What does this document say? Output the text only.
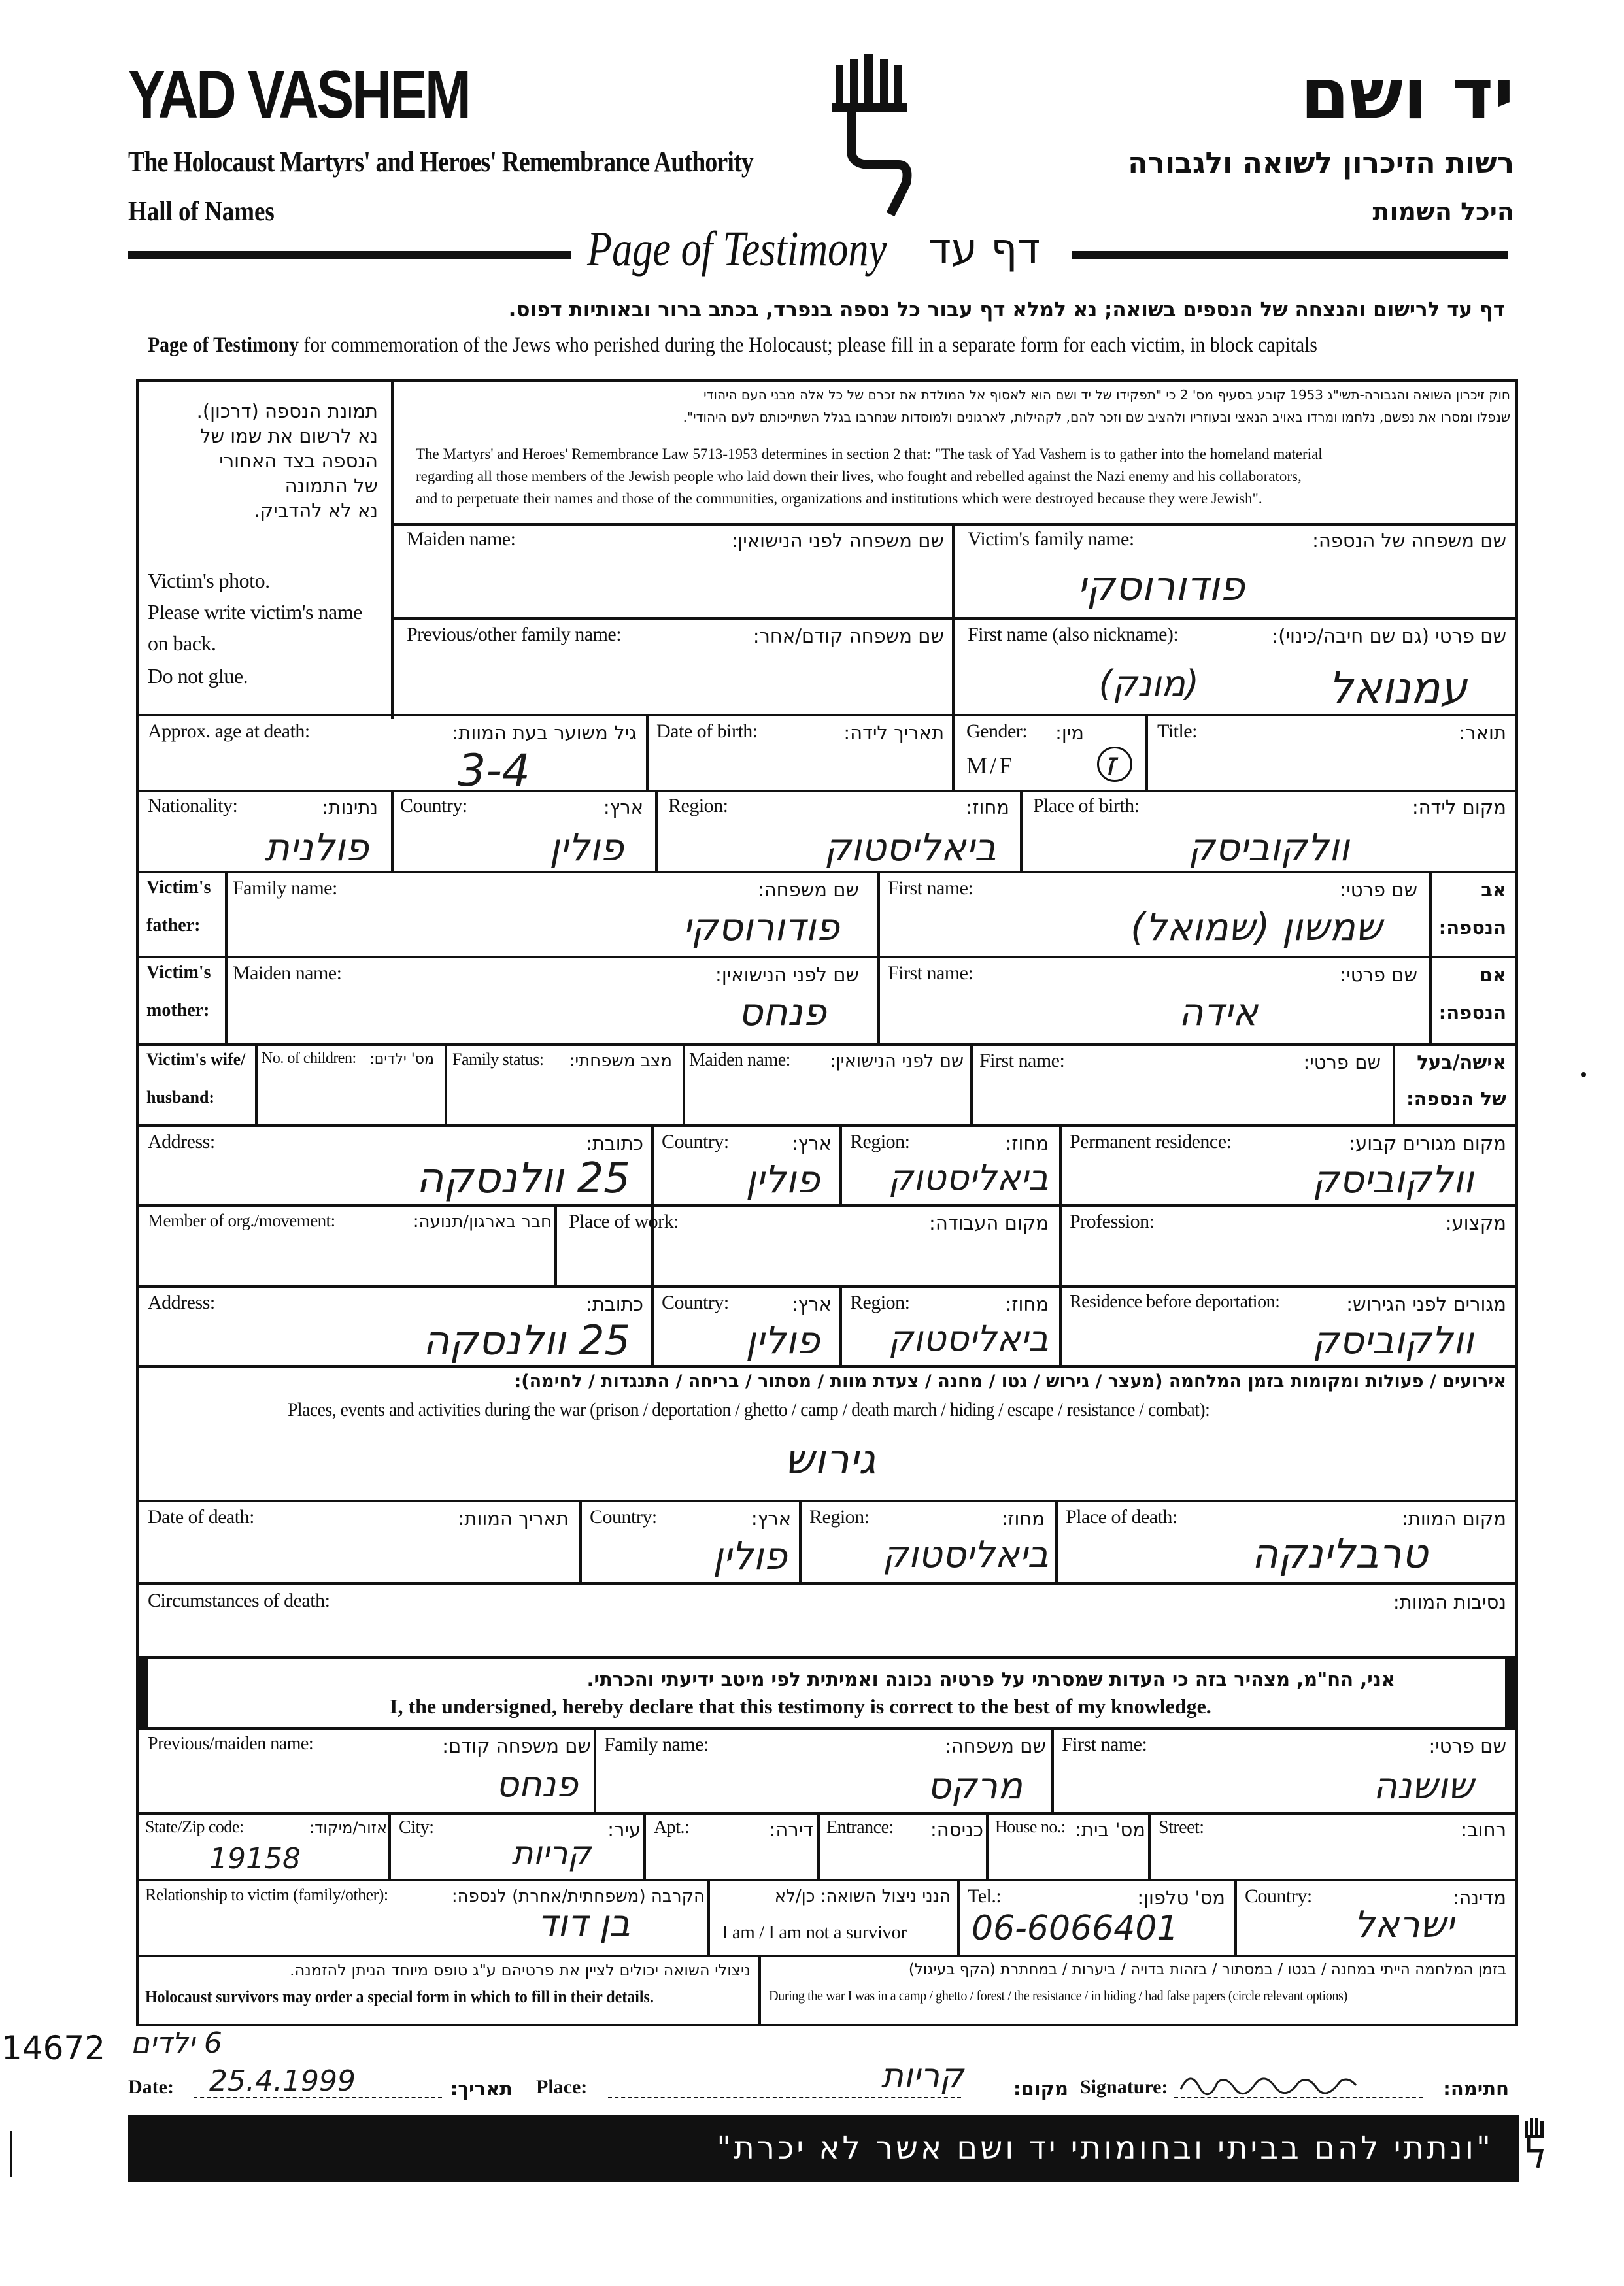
YAD VASHEM
The Holocaust Martyrs' and Heroes' Remembrance Authority
Hall of Names
יד ושם
רשות הזיכרון לשואה ולגבורה
היכל השמות
Page of Testimony דף עד
דף עד לרישום והנצחה של הנספים בשואה; נא למלא דף עבור כל נספה בנפרד, בכתב ברור ובאותיות דפוס.
Page of Testimony for commemoration of the Jews who perished during the Holocaust; please fill in a separate form for each victim, in block capitals
תמונת הנספה (דרכון).
נא לרשום את שמו של
הנספה בצד האחורי
של התמונה
נא לא להדביק.
Victim's photo.
Please write victim's name
on back.
Do not glue.
חוק זיכרון השואה והגבורה-תשי"ג 1953 קובע בסעיף מס' 2 כי "תפקידו של יד ושם הוא לאסוף אל המולדת את זכרם של כל אלה מבני העם היהודי
שנפלו ומסרו את נפשם, נלחמו ומרדו באויב הנאצי ובעוזריו ולהציב שם וזכר להם, לקהילות, לארגונים ולמוסדות שנחרבו בגלל השתייכותם לעם היהודי".
The Martyrs' and Heroes' Remembrance Law 5713-1953 determines in section 2 that: "The task of Yad Vashem is to gather into the homeland material
regarding all those members of the Jewish people who laid down their lives, who fought and rebelled against the Nazi enemy and his collaborators,
and to perpetuate their names and those of the communities, organizations and institutions which were destroyed because they were Jewish".
Maiden name:	שם משפחה לפני הנישואין: Victim's family name:	שם משפחה של הנספה:
פודורוסקי
Previous/other family name:	שם משפחה קודם/אחר: First name (also nickname):	שם פרטי (גם שם חיבה/כינוי):
עמנואל
(מונק)
Approx. age at death:	גיל משוער בעת המוות:
3-4
Date of birth:	תאריך לידה: Gender: מין:
M/F	ז
Title:	תואר:
Nationality:	נתינות:
פולנית
Country:	ארץ:
פולין
Region:	מחוז:
ביאליסטוק
Place of birth:	מקום לידה:
וולקוביסק
Victim's
father:
Family name:	שם משפחה:
פודורוסקי
First name:	שם פרטי:
שמשון (שמואל)
אב
הנספה:
Victim's
mother:
Maiden name:	שם לפני הנישואין:
פנחס
First name:	שם פרטי:
אידה
אם
הנספה:
Victim's wife/
husband:
No. of children: מס' ילדים: Family status: מצב משפחתי: Maiden name: שם לפני הנישואין: First name:	שם פרטי: אישה/בעל
של הנספה:
Address:	כתובת:
25 וולנסקה
Country:	ארץ:
פולין
Region:	מחוז:
ביאליסטוק
Permanent residence:	מקום מגורים קבוע:
וולקוביסק
Member of org./movement:	חבר בארגון/תנועה: Place of work:	מקום העבודה: Profession:	מקצוע:
Address:	כתובת:
25 וולנסקה
Country:	ארץ:
פולין
Region:	מחוז:
ביאליסטוק
Residence before deportation:	מגורים לפני הגירוש:
וולקוביסק
אירועים / פעולות ומקומות בזמן המלחמה (מעצר / גירוש / גטו / מחנה / צעדת מוות / מסתור / בריחה / התנגדות / לחימה):
Places, events and activities during the war (prison / deportation / ghetto / camp / death march / hiding / escape / resistance / combat):
גירוש
Date of death:	תאריך המוות: Country:	ארץ:
פולין
Region:	מחוז:
ביאליסטוק
Place of death:	מקום המוות:
טרבלינקה
Circumstances of death:	נסיבות המוות:
אני, הח"מ, מצהיר בזה כי העדות שמסרתי על פרטיה נכונה ואמיתית לפי מיטב ידיעתי והכרתי.
I, the undersigned, hereby declare that this testimony is correct to the best of my knowledge.
Previous/maiden name:	שם משפחה קודם:
פנחס
Family name:	שם משפחה:
מרקס
First name:	שם פרטי:
שושנה
State/Zip code:	אזור/מיקוד:
19158
City:	עיר:
קריות
Apt.:	דירה: Entrance: כניסה: House no.: מס' בית: Street:	רחוב:
Relationship to victim (family/other):	הקרבה (משפחתית/אחרת) לנספה:
בן דוד
הנני ניצול השואה: כן/לא
I am / I am not a survivor
Tel.:	מס' טלפון:
06-6066401
Country:	מדינה:
ישראל
ניצולי השואה יכולים לציין את פרטיהם ע"ג טופס מיוחד הניתן להזמנה.
Holocaust survivors may order a special form in which to fill in their details.
בזמן המלחמה הייתי במחנה / בגטו / במסתור / בזהות בדויה / ביערות / במחתרת (הקף בעיגול)
During the war I was in a camp / ghetto / forest / the resistance / in hiding / had false papers (circle relevant options)
14672 6 ילדים
Date: 25.4.1999	תאריך: Place:	קריות	מקום: Signature:	חתימה:
"ונתתי להם בביתי ובחומותי יד ושם אשר לא יכרת"
